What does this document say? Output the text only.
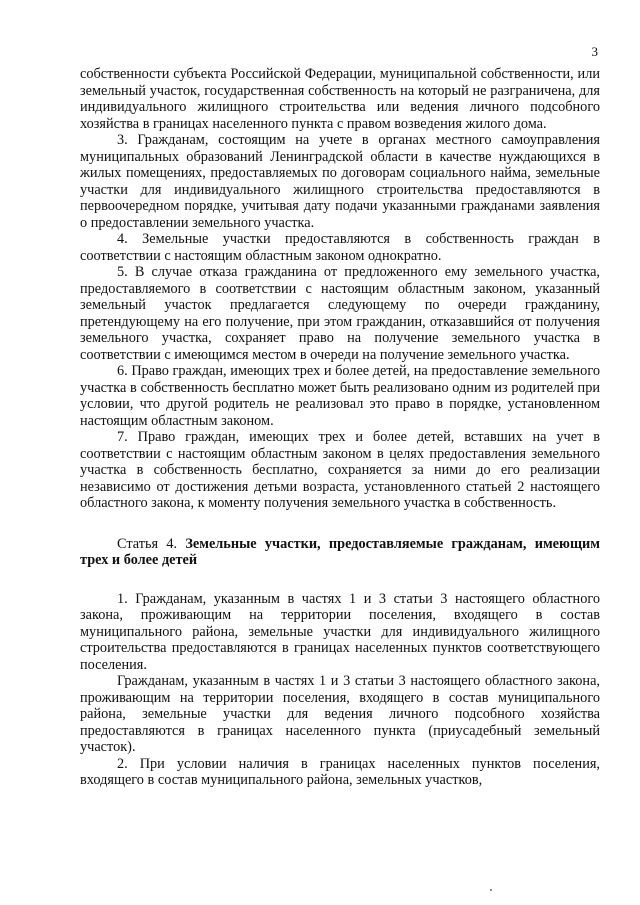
3

собственности субъекта Российской Федерации, муниципальной собственности, или земельный участок, государственная собственность на который не разграничена, для индивидуального жилищного строительства или ведения личного подсобного хозяйства в границах населенного пункта с правом возведения жилого дома.

3. Гражданам, состоящим на учете в органах местного самоуправления муниципальных образований Ленинградской области в качестве нуждающихся в жилых помещениях, предоставляемых по договорам социального найма, земельные участки для индивидуального жилищного строительства предоставляются в первоочередном порядке, учитывая дату подачи указанными гражданами заявления о предоставлении земельного участка.

4. Земельные участки предоставляются в собственность граждан в соответствии с настоящим областным законом однократно.

5. В случае отказа гражданина от предложенного ему земельного участка, предоставляемого в соответствии с настоящим областным законом, указанный земельный участок предлагается следующему по очереди гражданину, претендующему на его получение, при этом гражданин, отказавшийся от получения земельного участка, сохраняет право на получение земельного участка в соответствии с имеющимся местом в очереди на получение земельного участка.

6. Право граждан, имеющих трех и более детей, на предоставление земельного участка в собственность бесплатно может быть реализовано одним из родителей при условии, что другой родитель не реализовал это право в порядке, установленном настоящим областным законом.

7. Право граждан, имеющих трех и более детей, вставших на учет в соответствии с настоящим областным законом в целях предоставления земельного участка в собственность бесплатно, сохраняется за ними до его реализации независимо от достижения детьми возраста, установленного статьей 2 настоящего областного закона, к моменту получения земельного участка в собственность.

Статья 4. Земельные участки, предоставляемые гражданам, имеющим трех и более детей

1. Гражданам, указанным в частях 1 и 3 статьи 3 настоящего областного закона, проживающим на территории поселения, входящего в состав муниципального района, земельные участки для индивидуального жилищного строительства предоставляются в границах населенных пунктов соответствующего поселения.

Гражданам, указанным в частях 1 и 3 статьи 3 настоящего областного закона, проживающим на территории поселения, входящего в состав муниципального района, земельные участки для ведения личного подсобного хозяйства предоставляются в границах населенного пункта (приусадебный земельный участок).

2. При условии наличия в границах населенных пунктов поселения, входящего в состав муниципального района, земельных участков,
